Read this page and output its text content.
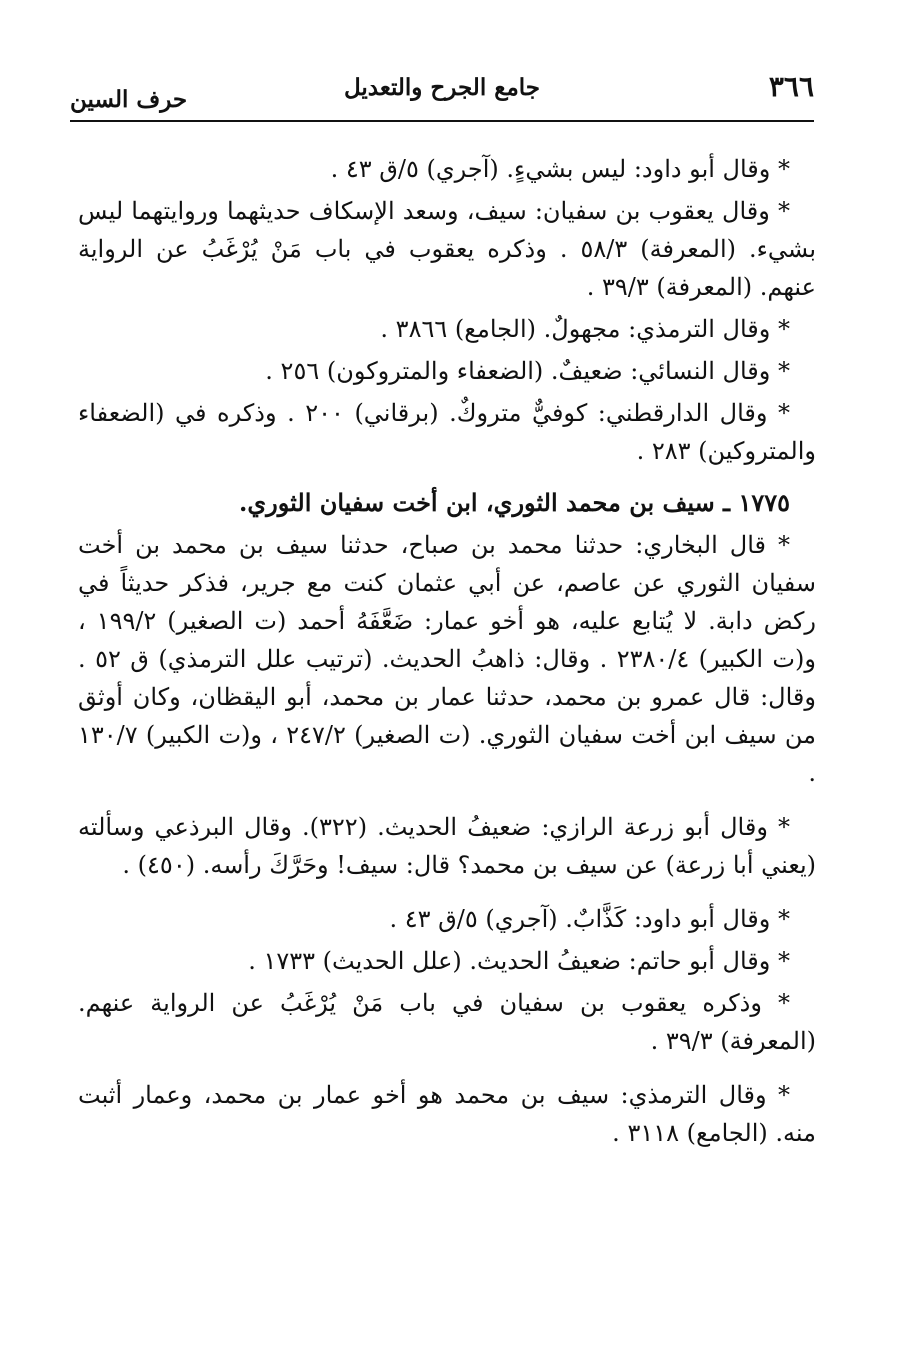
٣٦٦
جامع الجرح والتعديل
حرف السين

* وقال أبو داود: ليس بشيءٍ. (آجري) ٥/ق ٤٣ .

* وقال يعقوب بن سفيان: سيف، وسعد الإسكاف حديثهما وروايتهما ليس بشيء. (المعرفة) ٥٨/٣ . وذكره يعقوب في باب مَنْ يُرْغَبُ عن الرواية عنهم. (المعرفة) ٣٩/٣ .

* وقال الترمذي: مجهولٌ. (الجامع) ٣٨٦٦ .

* وقال النسائي: ضعيفٌ. (الضعفاء والمتروكون) ٢٥٦ .

* وقال الدارقطني: كوفيٌّ متروكٌ. (برقاني) ٢٠٠ . وذكره في (الضعفاء والمتروكين) ٢٨٣ .

١٧٧٥ ـ سيف بن محمد الثوري، ابن أخت سفيان الثوري.

* قال البخاري: حدثنا محمد بن صباح، حدثنا سيف بن محمد بن أخت سفيان الثوري عن عاصم، عن أبي عثمان كنت مع جرير، فذكر حديثاً في ركض دابة. لا يُتابع عليه، هو أخو عمار: ضَعَّفَهُ أحمد (ت الصغير) ١٩٩/٢ ، و(ت الكبير) ٢٣٨٠/٤ . وقال: ذاهبُ الحديث. (ترتيب علل الترمذي) ق ٥٢ . وقال: قال عمرو بن محمد، حدثنا عمار بن محمد، أبو اليقظان، وكان أوثق من سيف ابن أخت سفيان الثوري. (ت الصغير) ٢٤٧/٢ ، و(ت الكبير) ١٣٠/٧ .

* وقال أبو زرعة الرازي: ضعيفُ الحديث. (٣٢٢). وقال البرذعي وسألته (يعني أبا زرعة) عن سيف بن محمد؟ قال: سيف! وحَرَّكَ رأسه. (٤٥٠) .

* وقال أبو داود: كَذَّابٌ. (آجري) ٥/ق ٤٣ .

* وقال أبو حاتم: ضعيفُ الحديث. (علل الحديث) ١٧٣٣ .

* وذكره يعقوب بن سفيان في باب مَنْ يُرْغَبُ عن الرواية عنهم. (المعرفة) ٣٩/٣ .

* وقال الترمذي: سيف بن محمد هو أخو عمار بن محمد، وعمار أثبت منه. (الجامع) ٣١١٨ .
